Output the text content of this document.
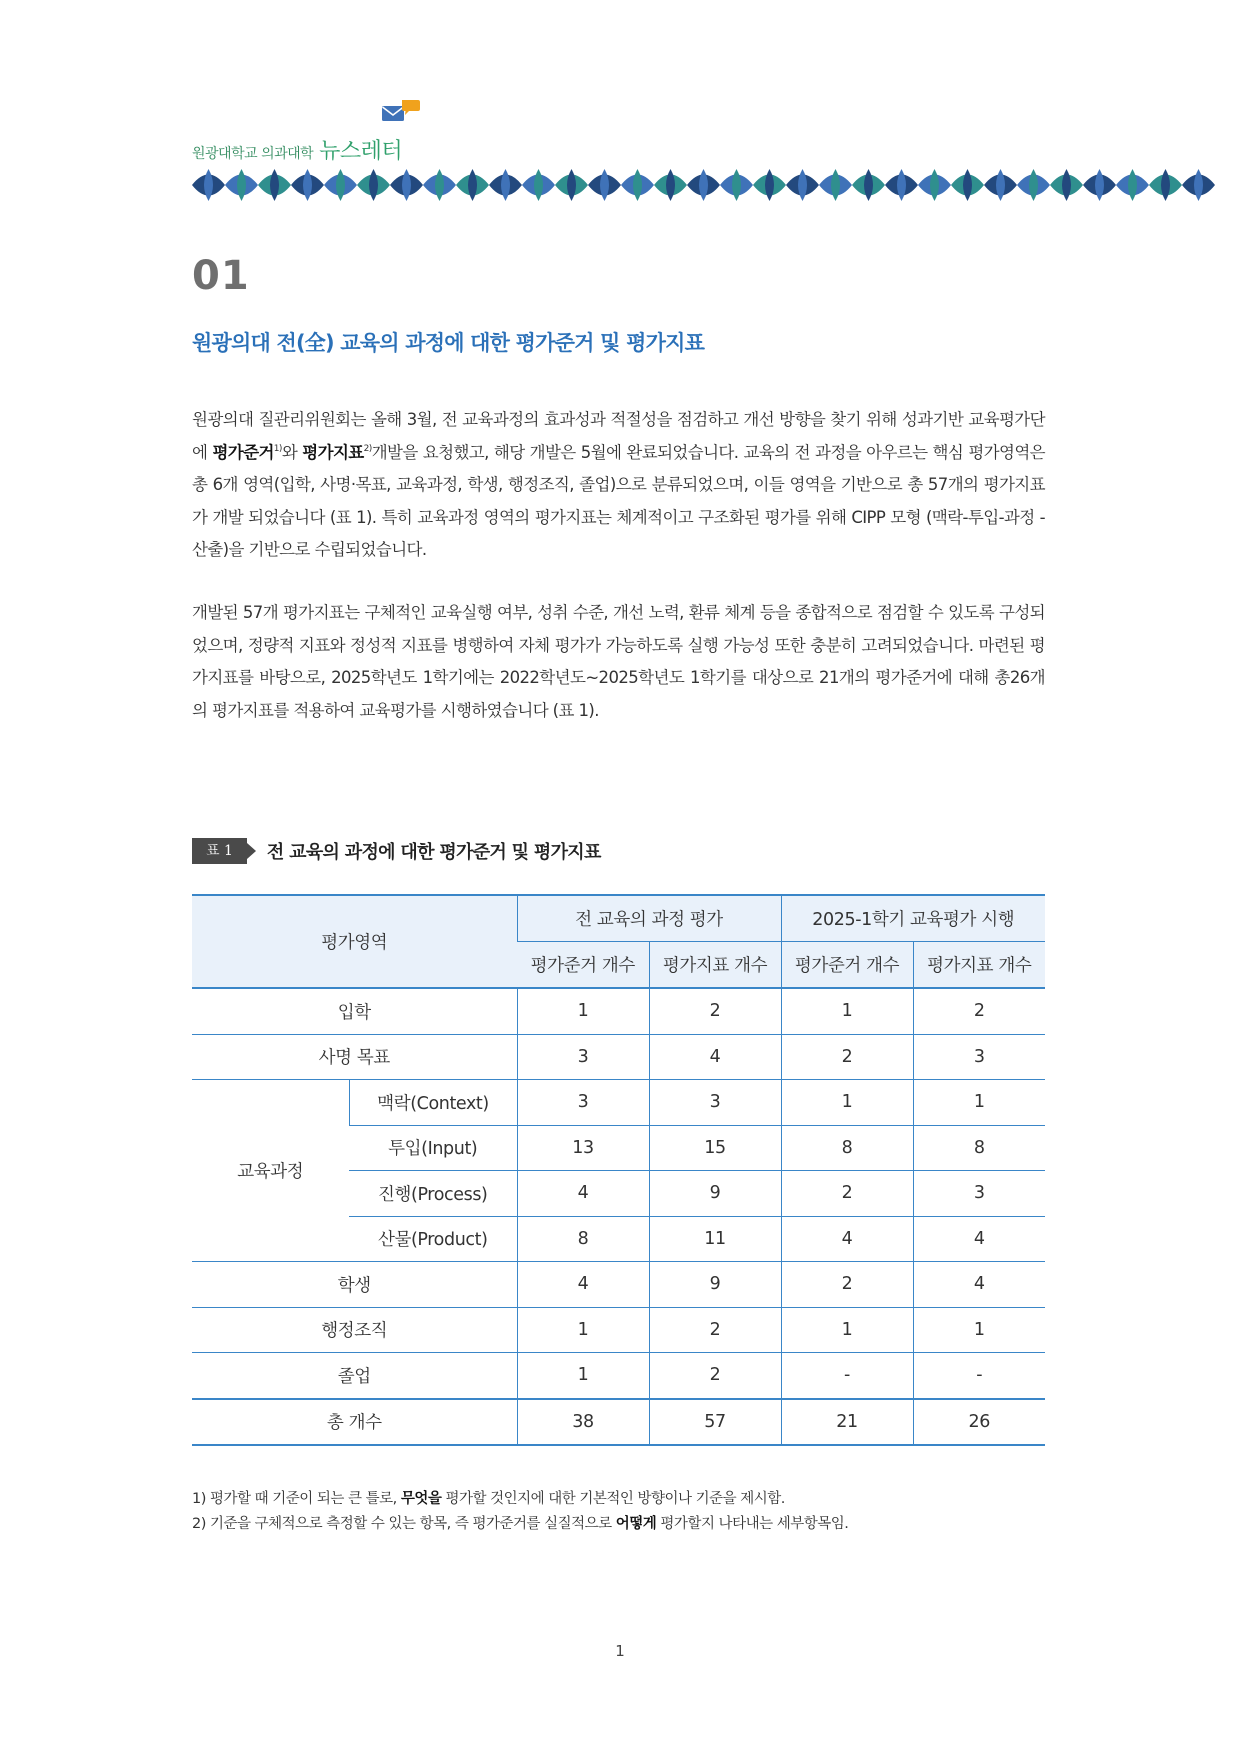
원광대학교 의과대학 뉴스레터
01
원광의대 전(全) 교육의 과정에 대한 평가준거 및 평가지표
원광의대 질관리위원회는 올해 3월, 전 교육과정의 효과성과 적절성을 점검하고 개선 방향을 찾기 위해 성과기반 교육평가단에 평가준거$^{1)}$와 평가지표$^{2)}$개발을 요청했고, 해당 개발은 5월에 완료되었습니다. 교육의 전 과정을 아우르는 핵심 평가영역은 총 6개 영역(입학, 사명·목표, 교육과정, 학생, 행정조직, 졸업)으로 분류되었으며, 이들 영역을 기반으로 총 57개의 평가지표가 개발 되었습니다 (표 1). 특히 교육과정 영역의 평가지표는 체계적이고 구조화된 평가를 위해 CIPP 모형 (맥락-투입-과정 -산출)을 기반으로 수립되었습니다.
개발된 57개 평가지표는 구체적인 교육실행 여부, 성취 수준, 개선 노력, 환류 체계 등을 종합적으로 점검할 수 있도록 구성되었으며, 정량적 지표와 정성적 지표를 병행하여 자체 평가가 가능하도록 실행 가능성 또한 충분히 고려되었습니다. 마련된 평가지표를 바탕으로, 2025학년도 1학기에는 2022학년도~2025학년도 1학기를 대상으로 21개의 평가준거에 대해 총26개의 평가지표를 적용하여 교육평가를 시행하였습니다 (표 1).
표 1	전 교육의 과정에 대한 평가준거 및 평가지표
평가영역		전 교육의 과정 평가		2025-1학기 교육평가 시행	
		평가준거 개수	평가지표 개수	평가준거 개수	평가지표 개수
입학		1	2	1	2
사명 목표		3	4	2	3
교육과정	맥락(Context)	3	3	1	1
	투입(Input)	13	15	8	8
	진행(Process)	4	9	2	3
	산물(Product)	8	11	4	4
학생		4	9	2	4
행정조직		1	2	1	1
졸업		1	2	-	-
총 개수		38	57	21	26
1) 평가할 때 기준이 되는 큰 틀로, 무엇을 평가할 것인지에 대한 기본적인 방향이나 기준을 제시함.
2) 기준을 구체적으로 측정할 수 있는 항목, 즉 평가준거를 실질적으로 어떻게 평가할지 나타내는 세부항목임.
1
